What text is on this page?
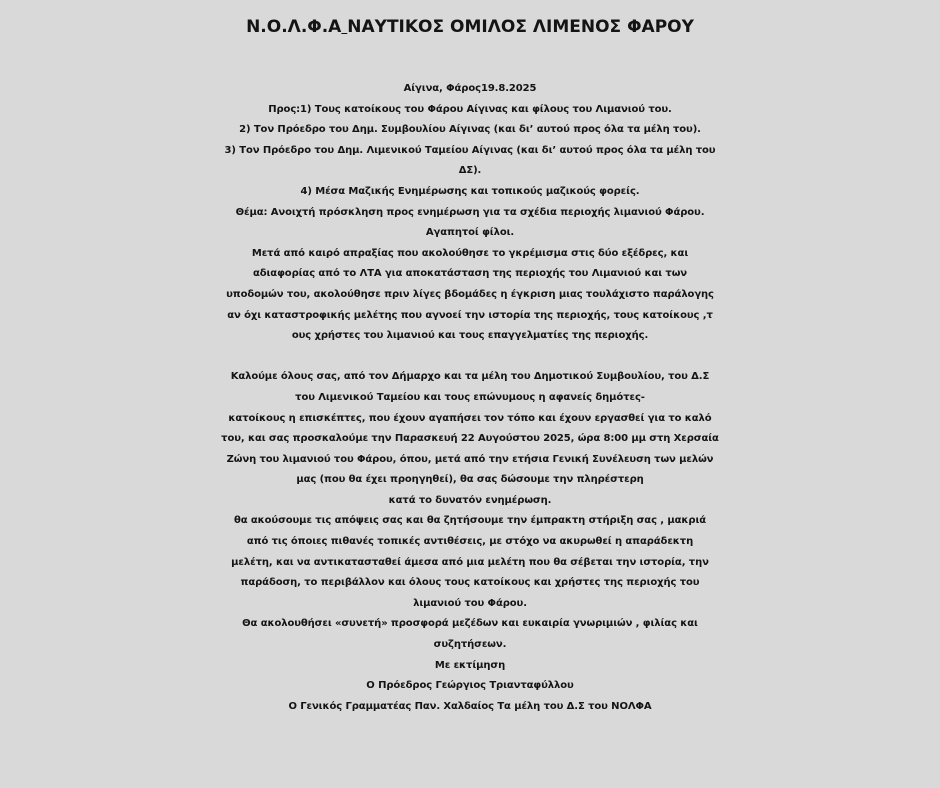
Ν.Ο.Λ.Φ.Α ΝΑΥΤΙΚΟΣ ΟΜΙΛΟΣ ΛΙΜΕΝΟΣ ΦΑΡΟΥ
Αίγινα, Φάρος19.8.2025
Προς:1) Τους κατοίκους του Φάρου Αίγινας και φίλους του Λιμανιού του.
2) Τον Πρόεδρο του Δημ. Συμβουλίου Αίγινας (και δι’ αυτού προς όλα τα μέλη του).
3) Τον Πρόεδρο του Δημ. Λιμενικού Ταμείου Αίγινας (και δι’ αυτού προς όλα τα μέλη του
ΔΣ).
4) Μέσα Μαζικής Ενημέρωσης και τοπικούς μαζικούς φορείς.
Θέμα: Ανοιχτή πρόσκληση προς ενημέρωση για τα σχέδια περιοχής λιμανιού Φάρου.
Αγαπητοί φίλοι.
Μετά από καιρό απραξίας που ακολούθησε το γκρέμισμα στις δύο εξέδρες, και
αδιαφορίας από το ΛΤΑ για αποκατάσταση της περιοχής του Λιμανιού και των
υποδομών του, ακολούθησε πριν λίγες βδομάδες η έγκριση μιας τουλάχιστο παράλογης
αν όχι καταστροφικής μελέτης που αγνοεί την ιστορία της περιοχής, τους κατοίκους ,τ
ους χρήστες του λιμανιού και τους επαγγελματίες της περιοχής.
Καλούμε όλους σας, από τον Δήμαρχο και τα μέλη του Δημοτικού Συμβουλίου, του Δ.Σ
του Λιμενικού Ταμείου και τους επώνυμους η αφανείς δημότες-
κατοίκους η επισκέπτες, που έχουν αγαπήσει τον τόπο και έχουν εργασθεί για το καλό
του, και σας προσκαλούμε την Παρασκευή 22 Αυγούστου 2025, ώρα 8:00 μμ στη Χερσαία
Ζώνη του λιμανιού του Φάρου, όπου, μετά από την ετήσια Γενική Συνέλευση των μελών
μας (που θα έχει προηγηθεί), θα σας δώσουμε την πληρέστερη
κατά το δυνατόν ενημέρωση.
θα ακούσουμε τις απόψεις σας και θα ζητήσουμε την έμπρακτη στήριξη σας , μακριά
από τις όποιες πιθανές τοπικές αντιθέσεις, με στόχο να ακυρωθεί η απαράδεκτη
μελέτη, και να αντικατασταθεί άμεσα από μια μελέτη που θα σέβεται την ιστορία, την
παράδοση, το περιβάλλον και όλους τους κατοίκους και χρήστες της περιοχής του
λιμανιού του Φάρου.
Θα ακολουθήσει «συνετή» προσφορά μεζέδων και ευκαιρία γνωριμιών , φιλίας και
συζητήσεων.
Με εκτίμηση
Ο Πρόεδρος Γεώργιος Τριανταφύλλου
Ο Γενικός Γραμματέας Παν. Χαλδαίος Τα μέλη του Δ.Σ του ΝΟΛΦΑ
